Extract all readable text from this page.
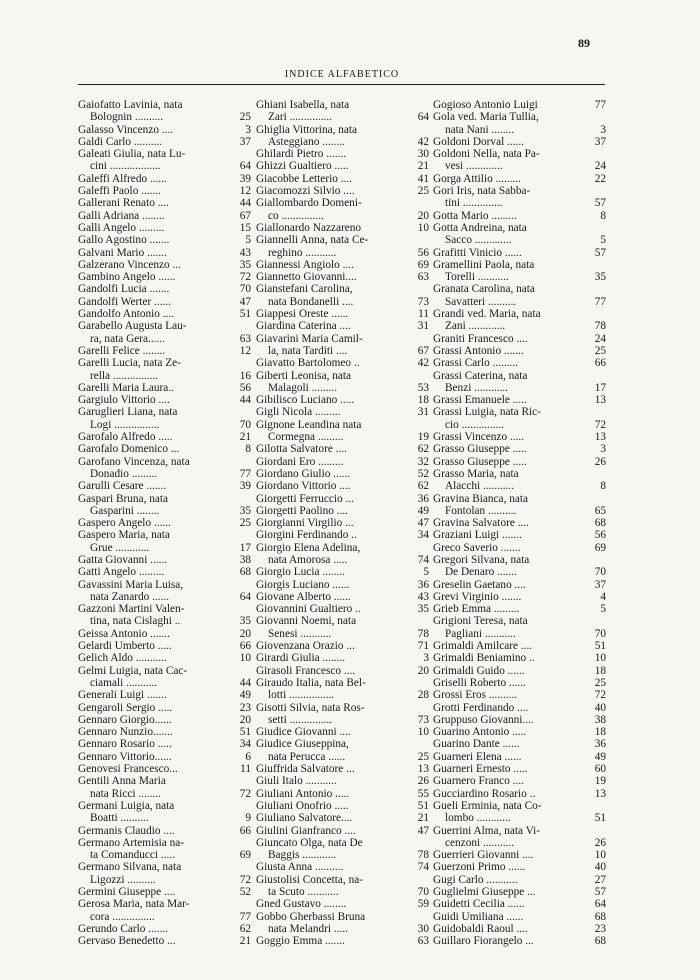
89
INDICE ALFABETICO
Gaiofatto Lavinia, nata
Bolognin ..........	25
Galasso Vincenzo ....	3
Galdi Carlo ..........	37
Galeati Giulia, nata Lu-
cini ..................	64
Galeffi Alfredo ......	39
Galeffi Paolo .......	12
Gallerani Renato ....	44
Galli Adriana ........	67
Galli Angelo .........	15
Gallo Agostino .......	5
Galvani Mario .......	43
Galzerano Vincenzo ...	35
Gambino Angelo ......	72
Gandolfi Lucia .......	70
Gandolfi Werter ......	47
Gandolfo Antonio ....	51
Garabello Augusta Lau-
ra, nata Gera......	63
Garelli Felice ........	12
Garelli Lucia, nata Ze-
rella ................	16
Garelli Maria Laura..	56
Gargiulo Vittorio ....	44
Garuglieri Liana, nata
Logi ................	70
Garofalo Alfredo .....	21
Garofalo Domenico ...	8
Garofano Vincenza, nata
Donadio .........	77
Garulli Cesare .......	39
Gaspari Bruna, nata
Gasparini ........	35
Gaspero Angelo ......	25
Gaspero Maria, nata
Grue ............	17
Gatta Giovanni ......	38
Gatti Angelo .........	68
Gavassini Maria Luisa,
nata Zanardo ......	64
Gazzoni Martini Valen-
tina, nata Cislaghi ..	35
Geissa Antonio .......	20
Gelardi Umberto .....	66
Gelich Aldo ...........	10
Gelmi Luigia, nata Cac-
ciamali ...........	44
Generali Luigi .......	49
Gengaroli Sergio .....	23
Gennaro Giorgio......	20
Gennaro Nunzio.......	51
Gennaro Rosario .....	34
Gennaro Vittorio......	6
Genovesi Francesco...	11
Gentili Anna Maria
nata Ricci ........	72
Germani Luigia, nata
Boatti ..........	9
Germanis Claudio ....	66
Germano Artemisia na-
ta Comanducci .....	69
Germano Silvana, nata
Ligozzi ..........	72
Germini Giuseppe ....	52
Gerosa Maria, nata Mar-
cora ...............	77
Gerundo Carlo .......	62
Gervaso Benedetto ...	21
Ghiani Isabella, nata
Zari ...............	64
Ghiglia Vittorina, nata
Asteggiano ........	42
Ghilardi Pietro .......	30
Ghizzi Gualtiero .....	21
Giacobbe Letterio ....	41
Giacomozzi Silvio ....	25
Giallombardo Domeni-
co ...............	20
Giallonardo Nazzareno	10
Giannelli Anna, nata Ce-
reghino ...........	56
Giannessi Angiolo ....	69
Giannetto Giovanni....	63
Gianstefani Carolina,
nata Bondanelli ....	73
Giappesi Oreste ......	11
Giardina Caterina ....	31
Giavarini Maria Camil-
la, nata Tarditi ....	67
Giavatto Bartolomeo ..	42
Giberti Leonisa, nata
Malagoli .........	53
Gibilisco Luciano .....	18
Gigli Nicola .........	31
Gignone Leandina nata
Cormegna .........	19
Gilotta Salvatore ....	62
Giordani Ero .........	32
Giordano Giulio ......	52
Giordano Vittorio ....	62
Giorgetti Ferruccio ...	36
Giorgetti Paolino ....	49
Giorgianni Virgilio ...	47
Giorgini Ferdinando ..	34
Giorgio Elena Adelina,
nata Amorosa .....	74
Giorgio Lucia ........	5
Giorgis Luciano ......	36
Giovane Alberto ......	43
Giovannini Gualtiero ..	35
Giovanni Noemi, nata
Senesi ...........	78
Giovenzana Orazio ...	71
Girardi Giulia ........	3
Girasoli Francesco ....	20
Giraudo Italia, nata Bel-
lotti ................	28
Gisotti Silvia, nata Ros-
setti ...............	73
Giudice Giovanni ....	10
Giudice Giuseppina,
nata Perucca ......	25
Giuffrida Salvatore ...	13
Giuli Italo ...........	26
Giuliani Antonio .....	55
Giuliani Onofrio .....	51
Giuliano Salvatore....	21
Giulini Gianfranco ....	47
Giuncato Olga, nata De
Baggis ............	78
Giusta Anna ..........	74
Giustolisi Concetta, na-
ta Scuto ...........	70
Gned Gustavo ........	59
Gobbo Gherbassi Bruna
nata Melandri .....	30
Goggio Emma .......	63
Gogioso Antonio Luigi	77
Gola ved. Maria Tullia,
nata Nani ........	3
Goldoni Dorval ......	37
Goldoni Nella, nata Pa-
vesi .............	24
Gorga Attilio .........	22
Gori Iris, nata Sabba-
tini ..............	57
Gotta Mario .........	8
Gotta Andreina, nata
Sacco .............	5
Grafitti Vinicio ......	57
Gramellini Paola, nata
Torelli ...........	35
Granata Carolina, nata
Savatteri ..........	77
Grandi ved. Maria, nata
Zani .............	78
Graniti Francesco ....	24
Grassi Antonio .......	25
Grassi Carlo .........	66
Grassi Caterina, nata
Benzi ............	17
Grassi Emanuele .....	13
Grassi Luigia, nata Ric-
cio ...............	72
Grassi Vincenzo .....	13
Grasso Giuseppe .....	3
Grasso Giuseppe .....	26
Grasso Maria, nata
Alacchi ...........	8
Gravina Bianca, nata
Fontolan ..........	65
Gravina Salvatore ....	68
Graziani Luigi .......	56
Greco Saverio .......	69
Gregori Silvana, nata
De Denaro .......	70
Greselin Gaetano ....	37
Grevi Virginio .......	4
Grieb Emma .........	5
Grigioni Teresa, nata
Pagliani ...........	70
Grimaldi Amilcare ....	51
Grimaldi Beniamino ..	10
Grimaldi Guido ......	18
Griselli Roberto ......	25
Grossi Eros ..........	72
Grotti Ferdinando ....	40
Gruppuso Giovanni....	38
Guarino Antonio .....	18
Guarino Dante ......	36
Guarneri Elena ......	49
Guarneri Ernesto .....	60
Guarnero Franco ....	19
Gucciardino Rosario ..	13
Gueli Erminia, nata Co-
lombo ............	51
Guerrini Alma, nata Vi-
cenzoni ...........	26
Guerrieri Giovanni ....	10
Guerzoni Primo ......	40
Gugi Carlo ...........	27
Guglielmi Giuseppe ...	57
Guidetti Cecilia ......	64
Guidi Umiliana ......	68
Guidobaldi Raoul ....	23
Guillaro Fiorangelo ...	68
